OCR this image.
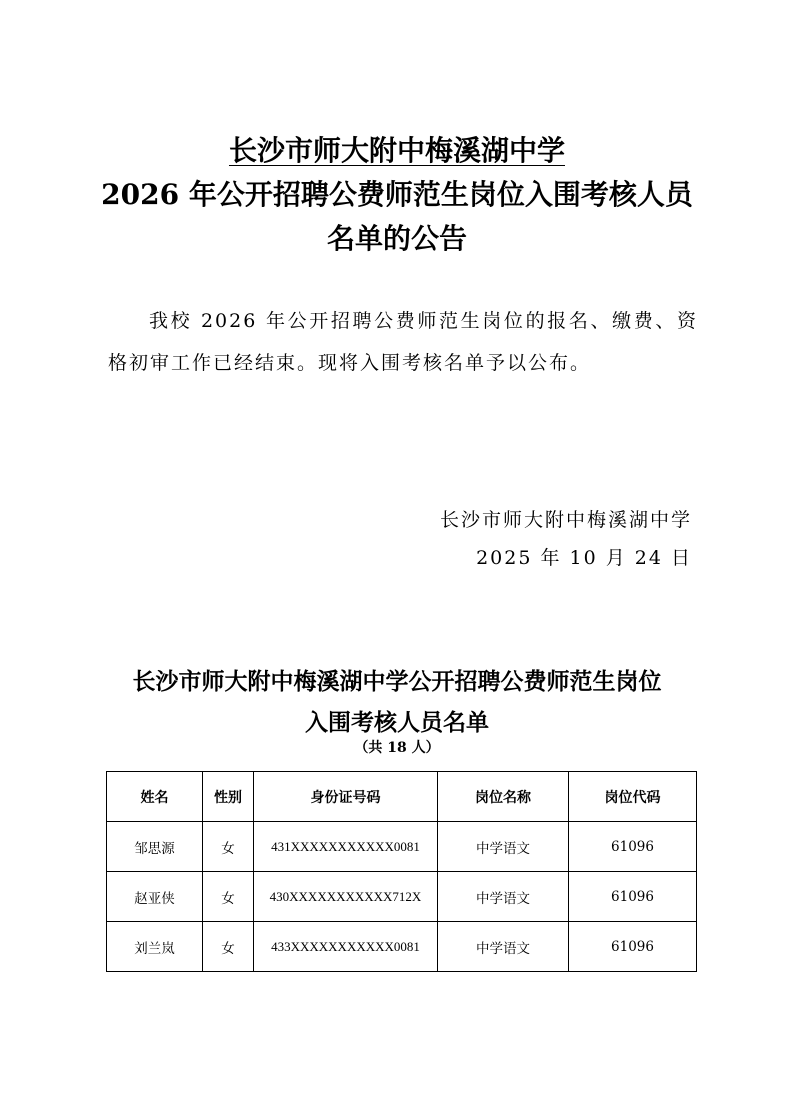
长沙市师大附中梅溪湖中学
2026 年公开招聘公费师范生岗位入围考核人员
名单的公告
我校 2026 年公开招聘公费师范生岗位的报名、缴费、资格初审工作已经结束。现将入围考核名单予以公布。
长沙市师大附中梅溪湖中学
2025 年 10 月 24 日
长沙市师大附中梅溪湖中学公开招聘公费师范生岗位
入围考核人员名单
（共 18 人）
姓名	性别	身份证号码	岗位名称	岗位代码
邹思源	女	431XXXXXXXXXXX0081	中学语文	61096
赵亚侠	女	430XXXXXXXXXXX712X	中学语文	61096
刘兰岚	女	433XXXXXXXXXXX0081	中学语文	61096
